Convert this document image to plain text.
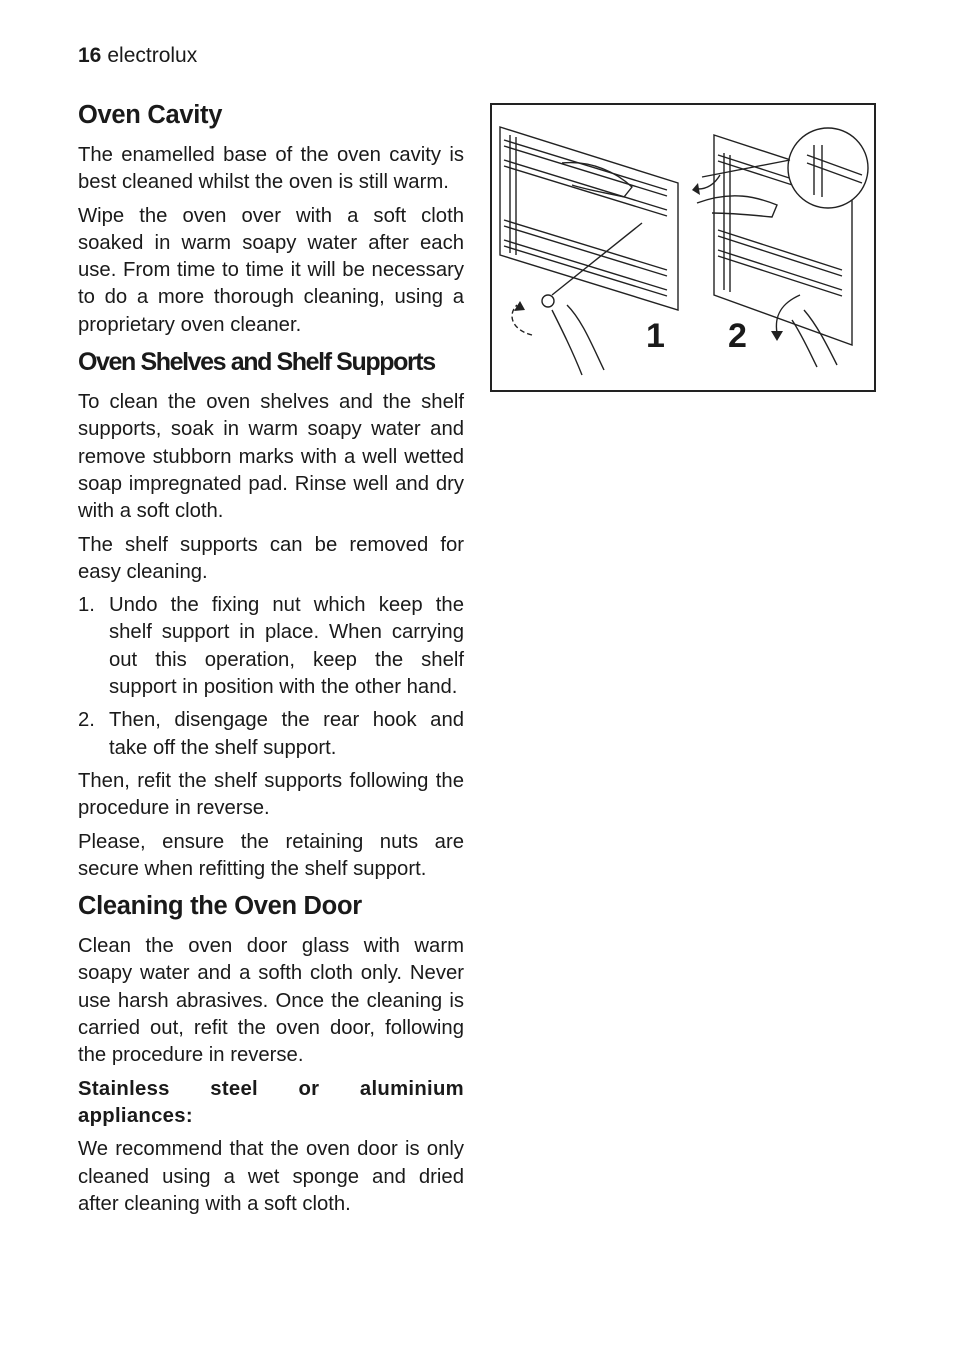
16 electrolux
Oven Cavity

The enamelled base of the oven cavity is best cleaned whilst the oven is still warm.

Wipe the oven over with a soft cloth soaked in warm soapy water after each use. From time to time it will be necessary to do a more thorough cleaning, using a proprietary oven cleaner.

Oven Shelves and Shelf Supports

To clean the oven shelves and the shelf supports, soak in warm soapy water and remove stubborn marks with a well wetted soap impregnated pad. Rinse well and dry with a soft cloth.

The shelf supports can be removed for easy cleaning.

1. Undo the fixing nut which keep the shelf support in place. When carrying out this operation, keep the shelf support in position with the other hand.
2. Then, disengage the rear hook and take off the shelf support.

Then, refit the shelf supports following the procedure in reverse.

Please, ensure the retaining nuts are secure when refitting the shelf support.

Cleaning the Oven Door

Clean the oven door glass with warm soapy water and a softh cloth only. Never use harsh abrasives. Once the cleaning is carried out, refit the oven door, following the procedure in reverse.

Stainless steel or aluminium appliances:

We recommend that the oven door is only cleaned using a wet sponge and dried after cleaning with a soft cloth.

1 2
